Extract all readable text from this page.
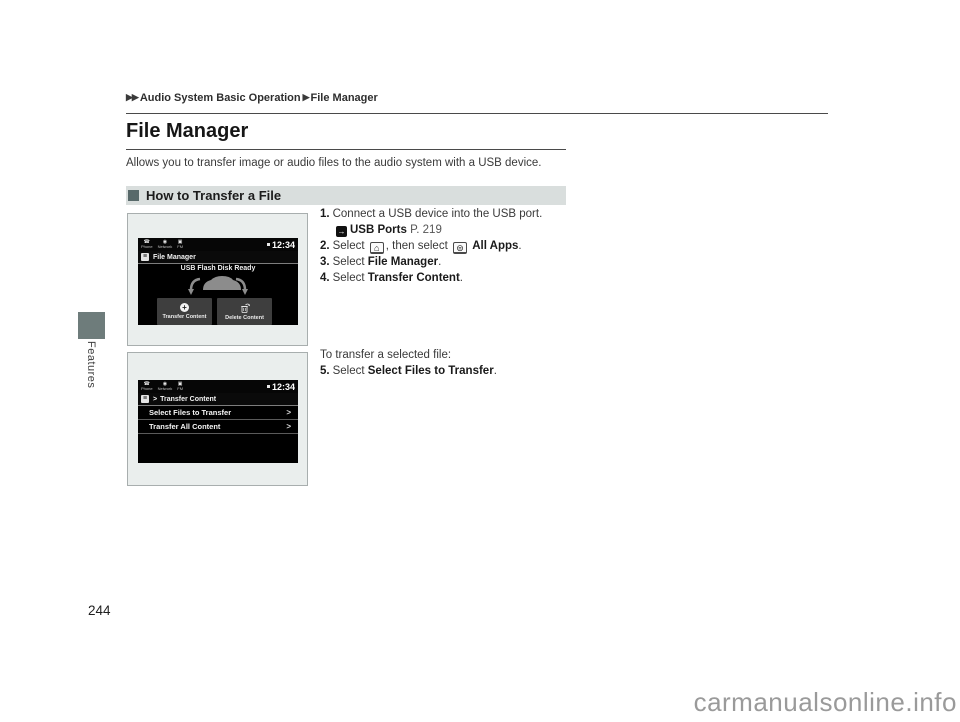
▶▶ Audio System Basic Operation ▶ File Manager
File Manager
Allows you to transfer image or audio files to the audio system with a USB device.
How to Transfer a File
Features
☎
Phone
◉
Network
▣
FM	12:34
≡ File Manager
USB Flash Disk Ready
+
Transfer Content	Delete Content
☎
Phone
◉
Network
▣
FM	12:34
≡ > Transfer Content
Select Files to Transfer	>
Transfer All Content	>
1. Connect a USB device into the USB port.
→ USB Ports P. 219
2. Select ⌂ , then select ⊜ All Apps.
3. Select File Manager.
4. Select Transfer Content.
To transfer a selected file:
5. Select Select Files to Transfer.
244
carmanualsonline.info
